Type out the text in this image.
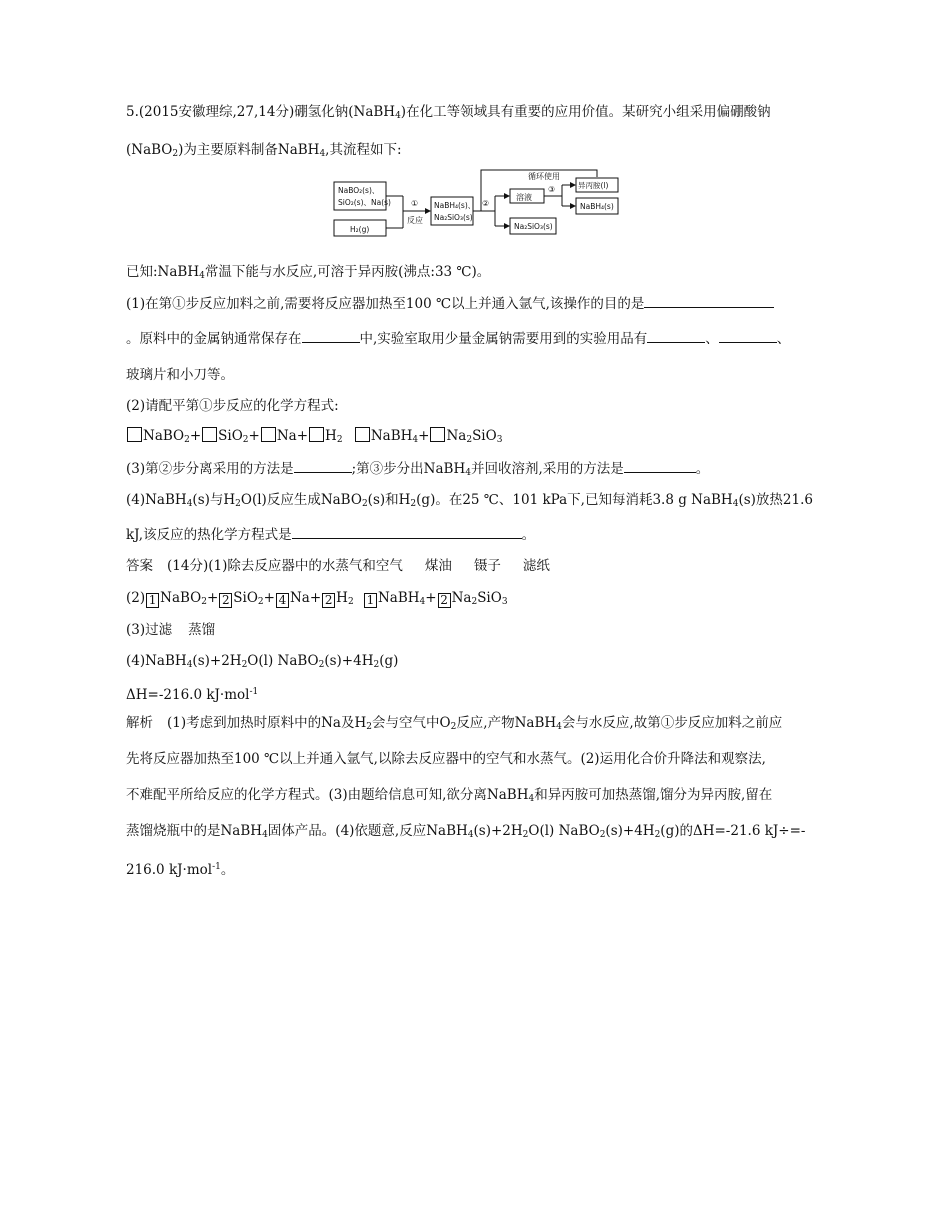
5.(2015安徽理综,27,14分)硼氢化钠(NaBH$_4$)在化工等领域具有重要的应用价值。某研究小组采用偏硼酸钠
(NaBO$_2$)为主要原料制备NaBH$_4$,其流程如下:
NaBO₂(s)、
SiO₂(s)、Na(s)
H₂(g)
①
反应
NaBH₄(s)、
Na₂SiO₃(s)
②
溶液
③
循环使用
异丙胺(l)
NaBH₄(s)
Na₂SiO₃(s)
已知:NaBH$_4$常温下能与水反应,可溶于异丙胺(沸点:33 ℃)。
(1)在第①步反应加料之前,需要将反应器加热至100 ℃以上并通入氩气,该操作的目的是
。原料中的金属钠通常保存在	中,实验室取用少量金属钠需要用到的实验用品有	、	、
玻璃片和小刀等。
(2)请配平第①步反应的化学方程式:
NaBO$_2$+ $SiO_2+ Na+ H_2$ NaBH$_4$+ $Na_2SiO_3$
(3)第②步分离采用的方法是	;第③步分出NaBH$_4$并回收溶剂,采用的方法是	。
(4)NaBH$_4$(s)与$H_2O(l)$反应生成NaBO$_2$(s)和$H_2(g)$。在25 ℃、101 kPa下,已知每消耗3.8 g NaBH$_4$(s)放热21.6
kJ,该反应的热化学方程式是	。
答案 (14分)(1)除去反应器中的水蒸气和空气 煤油 镊子 滤纸
(2) 1 NaBO$_2$+ 2 SiO$_2$+ 4 Na+ 2 $H_2$ 1 NaBH$_4$+ 2 $Na_2SiO_3$
(3)过滤 蒸馏
$(4)NaBH_4(s)+2H_2O(l)$ $NaBO_2(s)+4H_2(g)$
ΔH=-216.0 kJ·mol$^{-1}$
解析 (1)考虑到加热时原料中的Na及$H_2$会与空气中$O_2$反应,产物NaBH$_4$会与水反应,故第①步反应加料之前应
先将反应器加热至100 ℃以上并通入氩气,以除去反应器中的空气和水蒸气。(2)运用化合价升降法和观察法,
不难配平所给反应的化学方程式。(3)由题给信息可知,欲分离NaBH$_4$和异丙胺可加热蒸馏,馏分为异丙胺,留在
蒸馏烧瓶中的是NaBH$_4$固体产品。(4)依题意,反应$NaBH_4(s)+2H_2O(l)$ $NaBO_2(s)+4H_2(g)$的ΔH=-21.6 kJ÷=-
216.0 kJ·mol$^{-1}$。
